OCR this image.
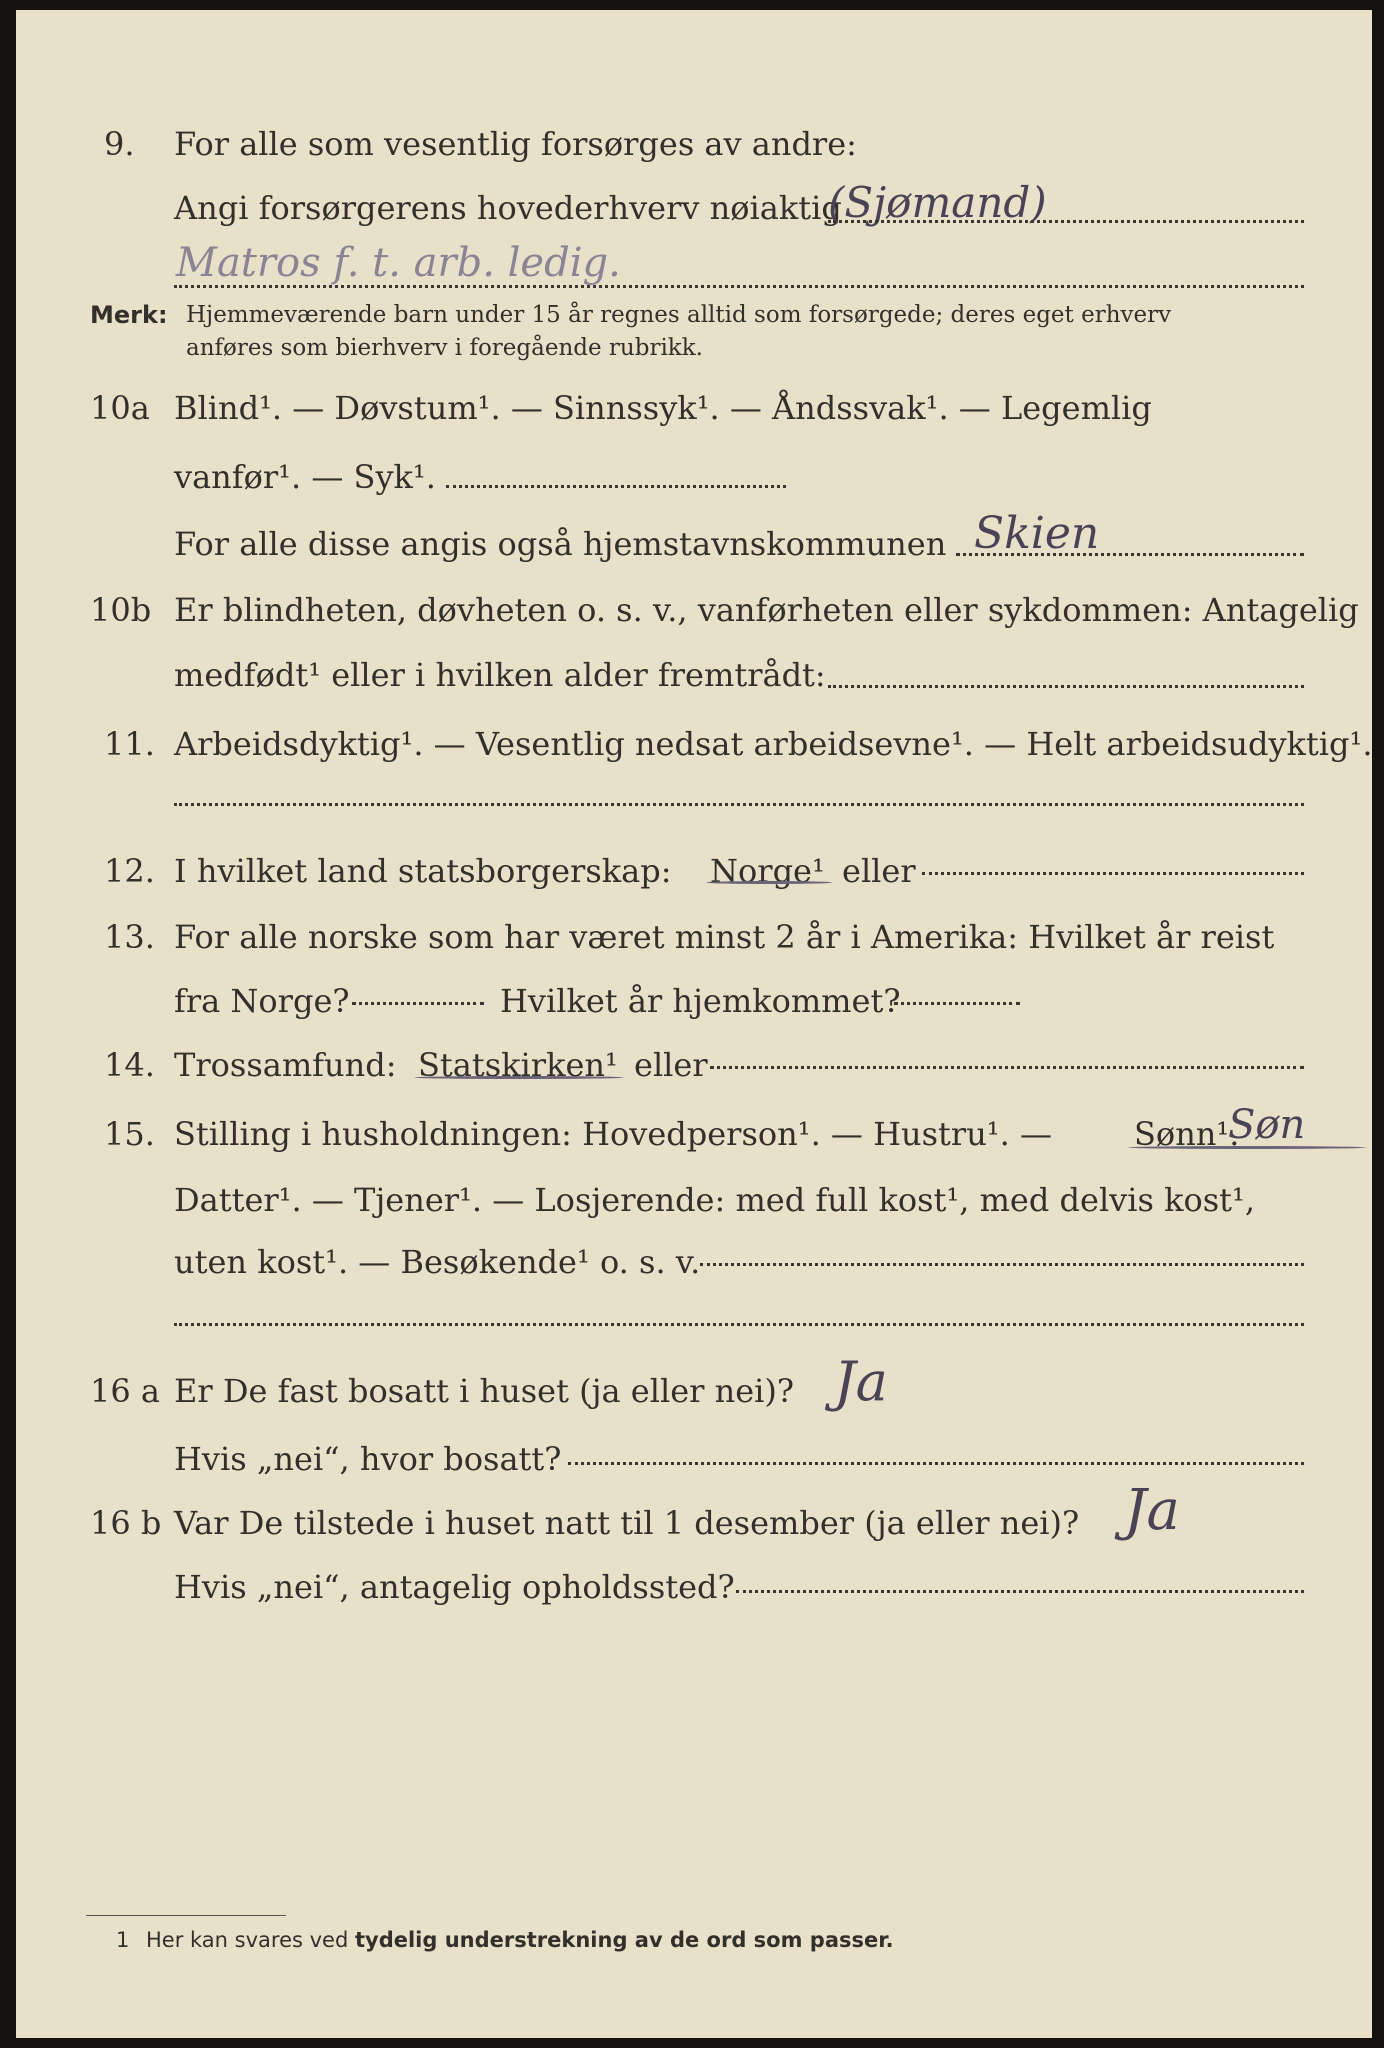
9. For alle som vesentlig forsørges av andre:
Angi forsørgerens hovederhverv nøiaktig
(Sjømand)
Matros f. t. arb. ledig.
Merk: Hjemmeværende barn under 15 år regnes alltid som forsørgede; deres eget erhverv
anføres som bierhverv i foregående rubrikk.
10a Blind¹. — Døvstum¹. — Sinnssyk¹. — Åndssvak¹. — Legemlig
vanfør¹. — Syk¹.
For alle disse angis også hjemstavnskommunen Skien
10b Er blindheten, døvheten o. s. v., vanførheten eller sykdommen: Antagelig
medfødt¹ eller i hvilken alder fremtrådt:
11. Arbeidsdyktig¹. — Vesentlig nedsat arbeidsevne¹. — Helt arbeidsudyktig¹.
12. I hvilket land statsborgerskap: Norge¹ eller
13. For alle norske som har været minst 2 år i Amerika: Hvilket år reist
fra Norge?	Hvilket år hjemkommet?
14. Trossamfund: Statskirken¹ eller
15. Stilling i husholdningen: Hovedperson¹. — Hustru¹. —	Sønn¹.
Søn
Datter¹. — Tjener¹. — Losjerende: med full kost¹, med delvis kost¹,
uten kost¹. — Besøkende¹ o. s. v.
16 a Er De fast bosatt i huset (ja eller nei)? Ja
Hvis „nei“, hvor bosatt?
16 b Var De tilstede i huset natt til 1 desember (ja eller nei)? Ja
Hvis „nei“, antagelig opholdssted?
1 Her kan svares ved tydelig understrekning av de ord som passer.
